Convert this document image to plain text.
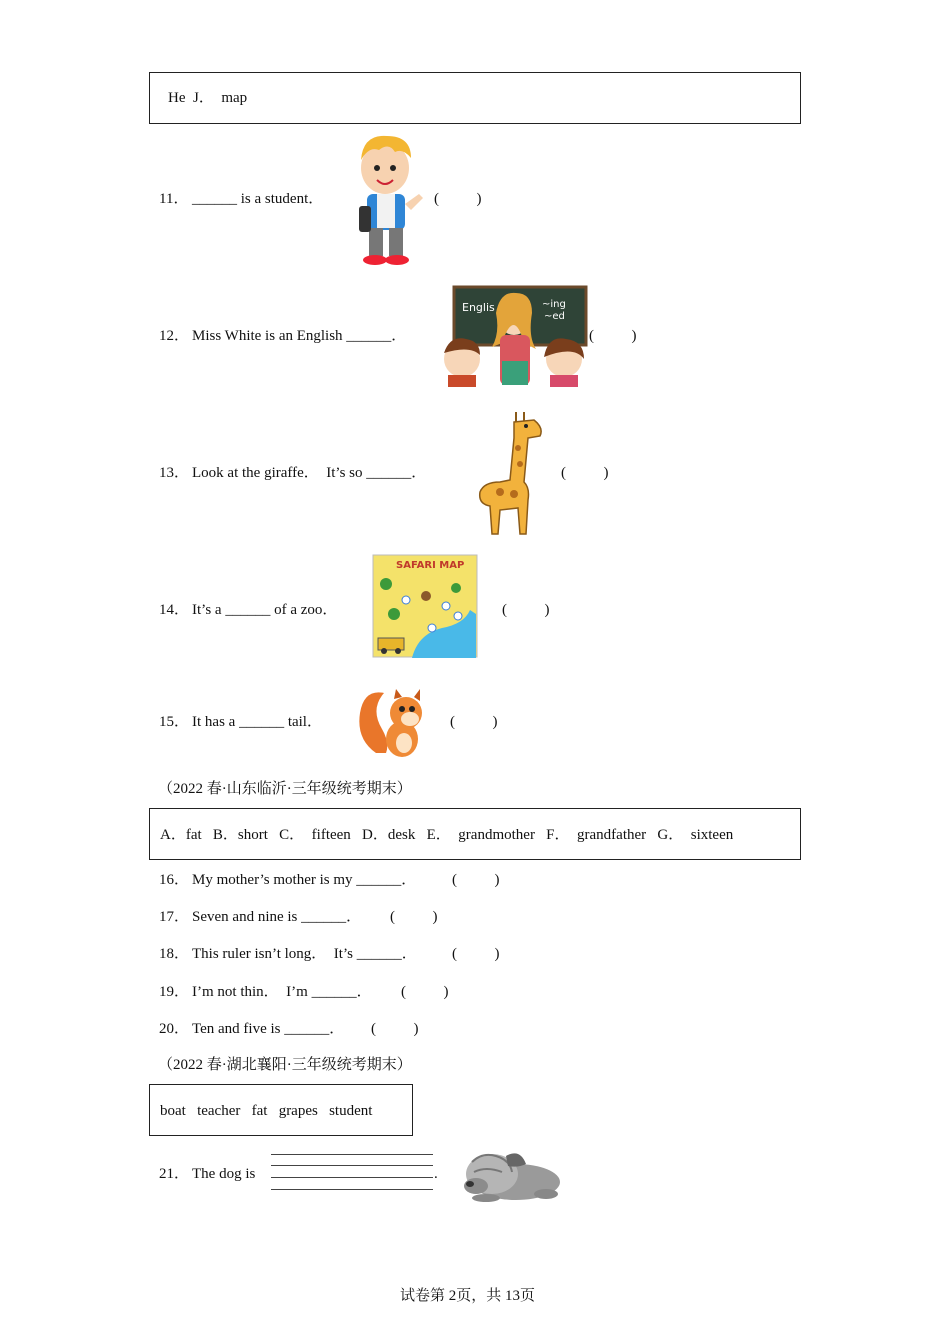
He  J．  map
11． ______ is a student．	(          )
12． Miss White is an English ______．	(          )
Englis	~ing
~ed
13． Look at the giraffe．  It’s so ______．	(          )
14． It’s a ______ of a zoo．	(          )
SAFARI MAP
15． It has a ______ tail．	(          )
（2022 春·山东临沂·三年级统考期末）
A．fat   B．short   C．  fifteen   D．desk   E．  grandmother   F．  grandfather   G．  sixteen
16． My mother’s mother is my ______． (          )
17． Seven and nine is ______． (          )
18． This ruler isn’t long．  It’s ______． (          )
19． I’m not thin．  I’m ______． (          )
20． Ten and five is ______． (          )
（2022 春·湖北襄阳·三年级统考期末）
boat   teacher   fat   grapes   student
21． The dog is	.
试卷第 2页，共 13页
